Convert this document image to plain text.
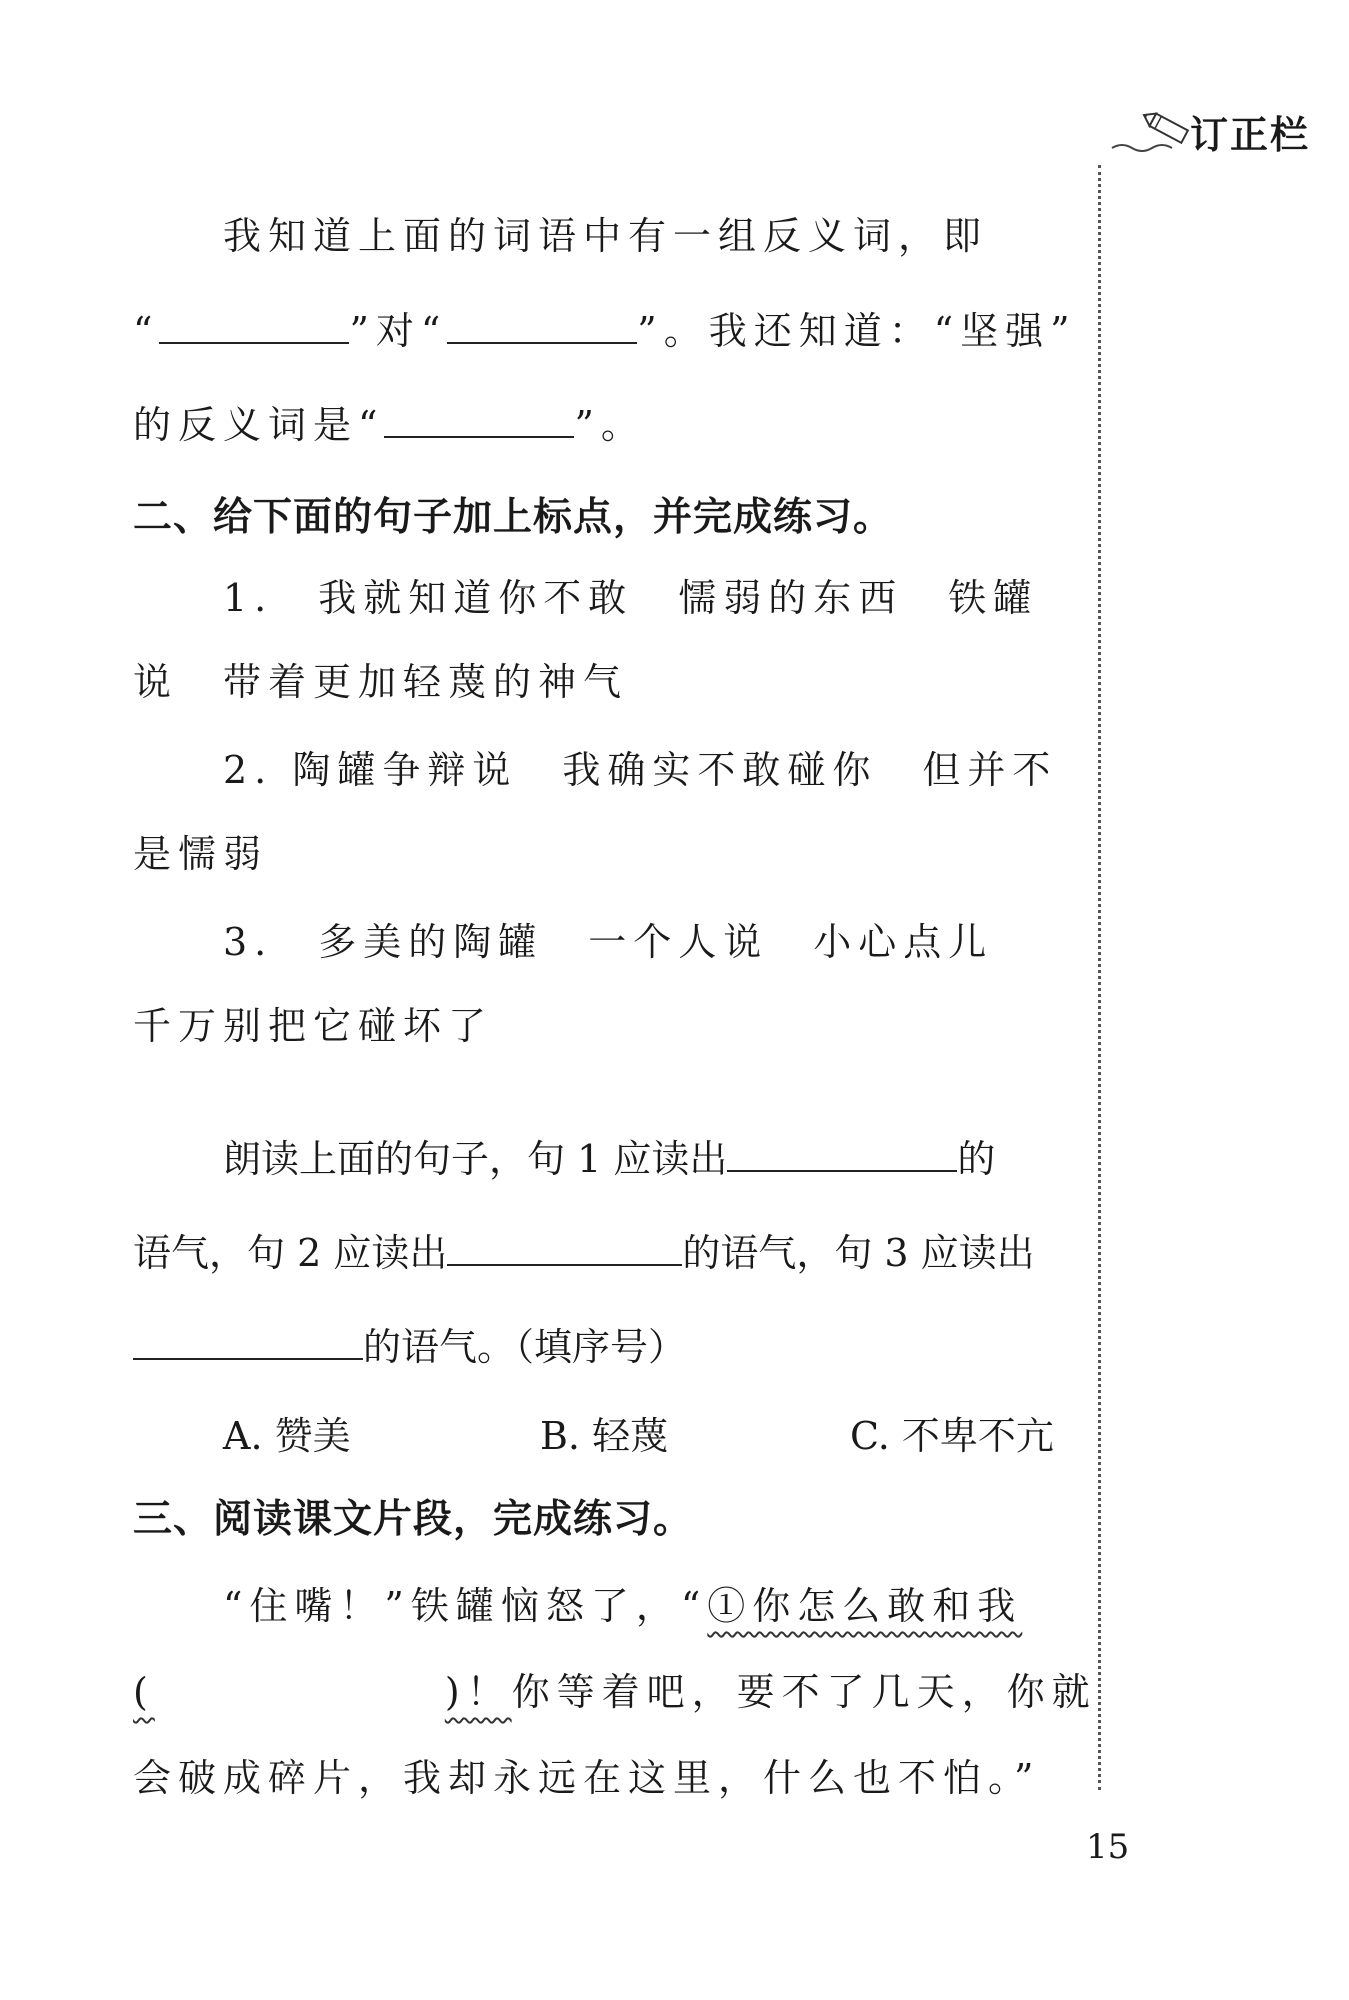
订正栏
我知道上面的词语中有一组反义词，即
“	”对“	”。我还知道：“坚强”
的反义词是“	”。
二、给下面的句子加上标点，并完成练习。
1.　我就知道你不敢　懦弱的东西　铁罐
说　带着更加轻蔑的神气
2. 陶罐争辩说　我确实不敢碰你　但并不
是懦弱
3.　多美的陶罐　一个人说　小心点儿
千万别把它碰坏了
朗读上面的句子，句 1 应读出	的
语气，句 2 应读出	的语气，句 3 应读出
的语气。（填序号）
A. 赞美	B. 轻蔑	C. 不卑不亢
三、阅读课文片段，完成练习。
“住嘴！”铁罐恼怒了，“①你怎么敢和我
(	)！你等着吧，要不了几天，你就
会破成碎片，我却永远在这里，什么也不怕。”
15
